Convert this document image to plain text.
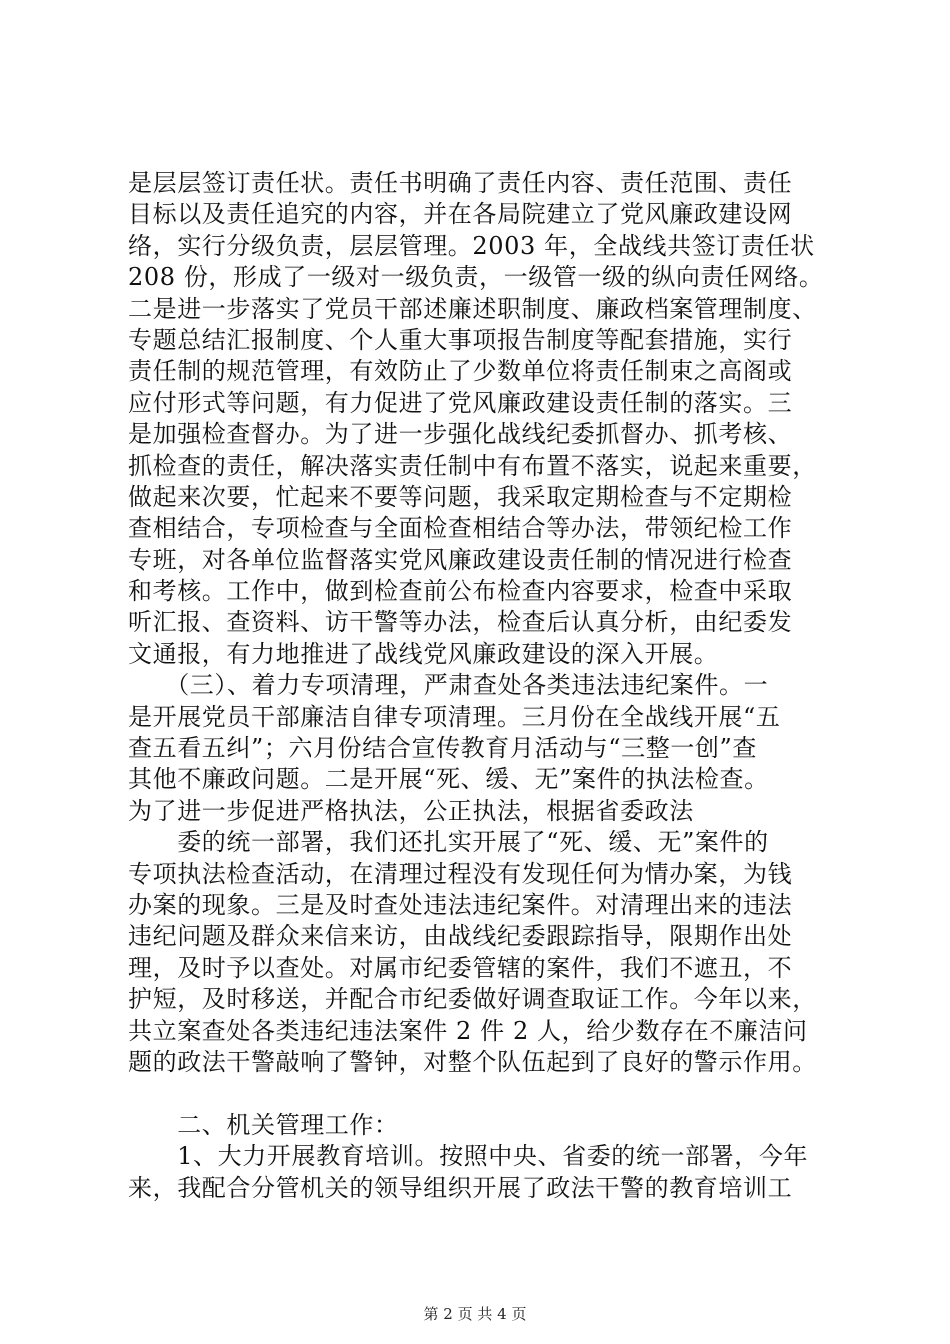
是层层签订责任状。责任书明确了责任内容、责任范围、责任
目标以及责任追究的内容，并在各局院建立了党风廉政建设网
络，实行分级负责，层层管理。2003 年，全战线共签订责任状
208 份，形成了一级对一级负责，一级管一级的纵向责任网络。
二是进一步落实了党员干部述廉述职制度、廉政档案管理制度、
专题总结汇报制度、个人重大事项报告制度等配套措施，实行
责任制的规范管理，有效防止了少数单位将责任制束之高阁或
应付形式等问题，有力促进了党风廉政建设责任制的落实。三
是加强检查督办。为了进一步强化战线纪委抓督办、抓考核、
抓检查的责任，解决落实责任制中有布置不落实，说起来重要，
做起来次要，忙起来不要等问题，我采取定期检查与不定期检
查相结合，专项检查与全面检查相结合等办法，带领纪检工作
专班，对各单位监督落实党风廉政建设责任制的情况进行检查
和考核。工作中，做到检查前公布检查内容要求，检查中采取
听汇报、查资料、访干警等办法，检查后认真分析，由纪委发
文通报，有力地推进了战线党风廉政建设的深入开展。
　　（三）、着力专项清理，严肃查处各类违法违纪案件。一
是开展党员干部廉洁自律专项清理。三月份在全战线开展“五
查五看五纠”；六月份结合宣传教育月活动与“三整一创”查
其他不廉政问题。二是开展“死、缓、无”案件的执法检查。
为了进一步促进严格执法，公正执法，根据省委政法
　　委的统一部署，我们还扎实开展了“死、缓、无”案件的
专项执法检查活动，在清理过程没有发现任何为情办案，为钱
办案的现象。三是及时查处违法违纪案件。对清理出来的违法
违纪问题及群众来信来访，由战线纪委跟踪指导，限期作出处
理，及时予以查处。对属市纪委管辖的案件，我们不遮丑，不
护短，及时移送，并配合市纪委做好调查取证工作。今年以来，
共立案查处各类违纪违法案件 2 件 2 人，给少数存在不廉洁问
题的政法干警敲响了警钟，对整个队伍起到了良好的警示作用。
　　二、机关管理工作：
　　1、大力开展教育培训。按照中央、省委的统一部署，今年
来，我配合分管机关的领导组织开展了政法干警的教育培训工
第 2 页 共 4 页
